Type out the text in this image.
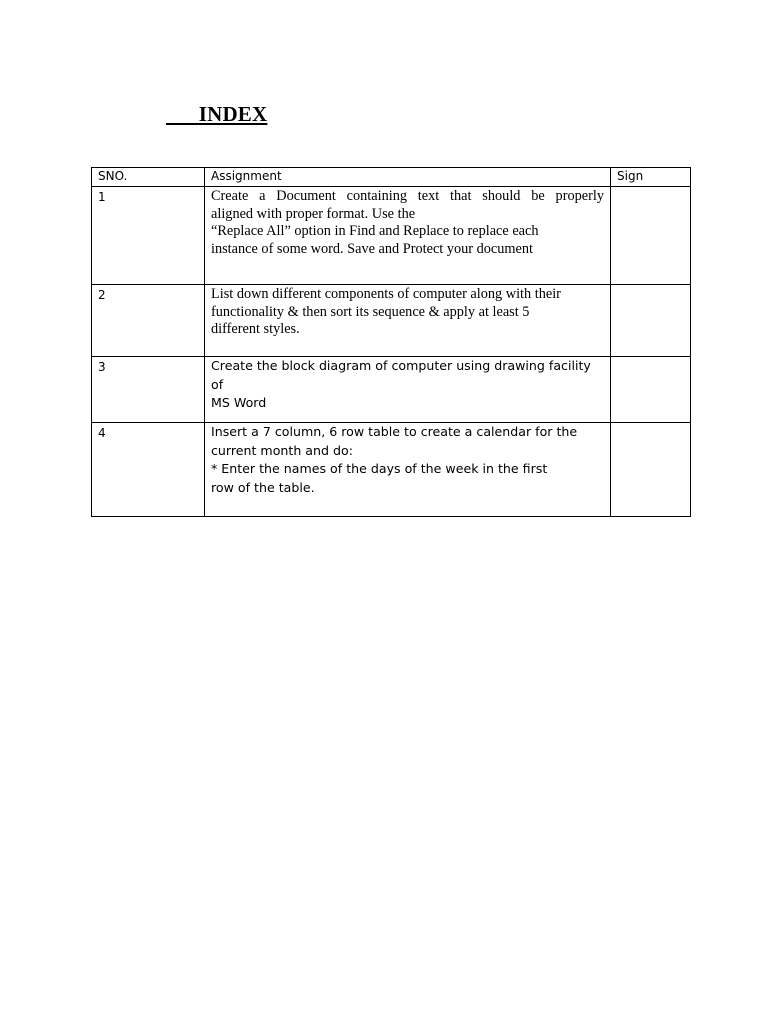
INDEX
SNO.	Assignment	Sign
1	Create a Document containing text that should be properly
aligned with proper format. Use the
“Replace All” option in Find and Replace to replace each
instance of some word. Save and Protect your document	

2	List down different components of computer along with their
functionality & then sort its sequence & apply at least 5
different styles.	

3	Create the block diagram of computer using drawing facility
of
MS Word	

4	Insert a 7 column, 6 row table to create a calendar for the
current month and do:
* Enter the names of the days of the week in the first
row of the table.	
